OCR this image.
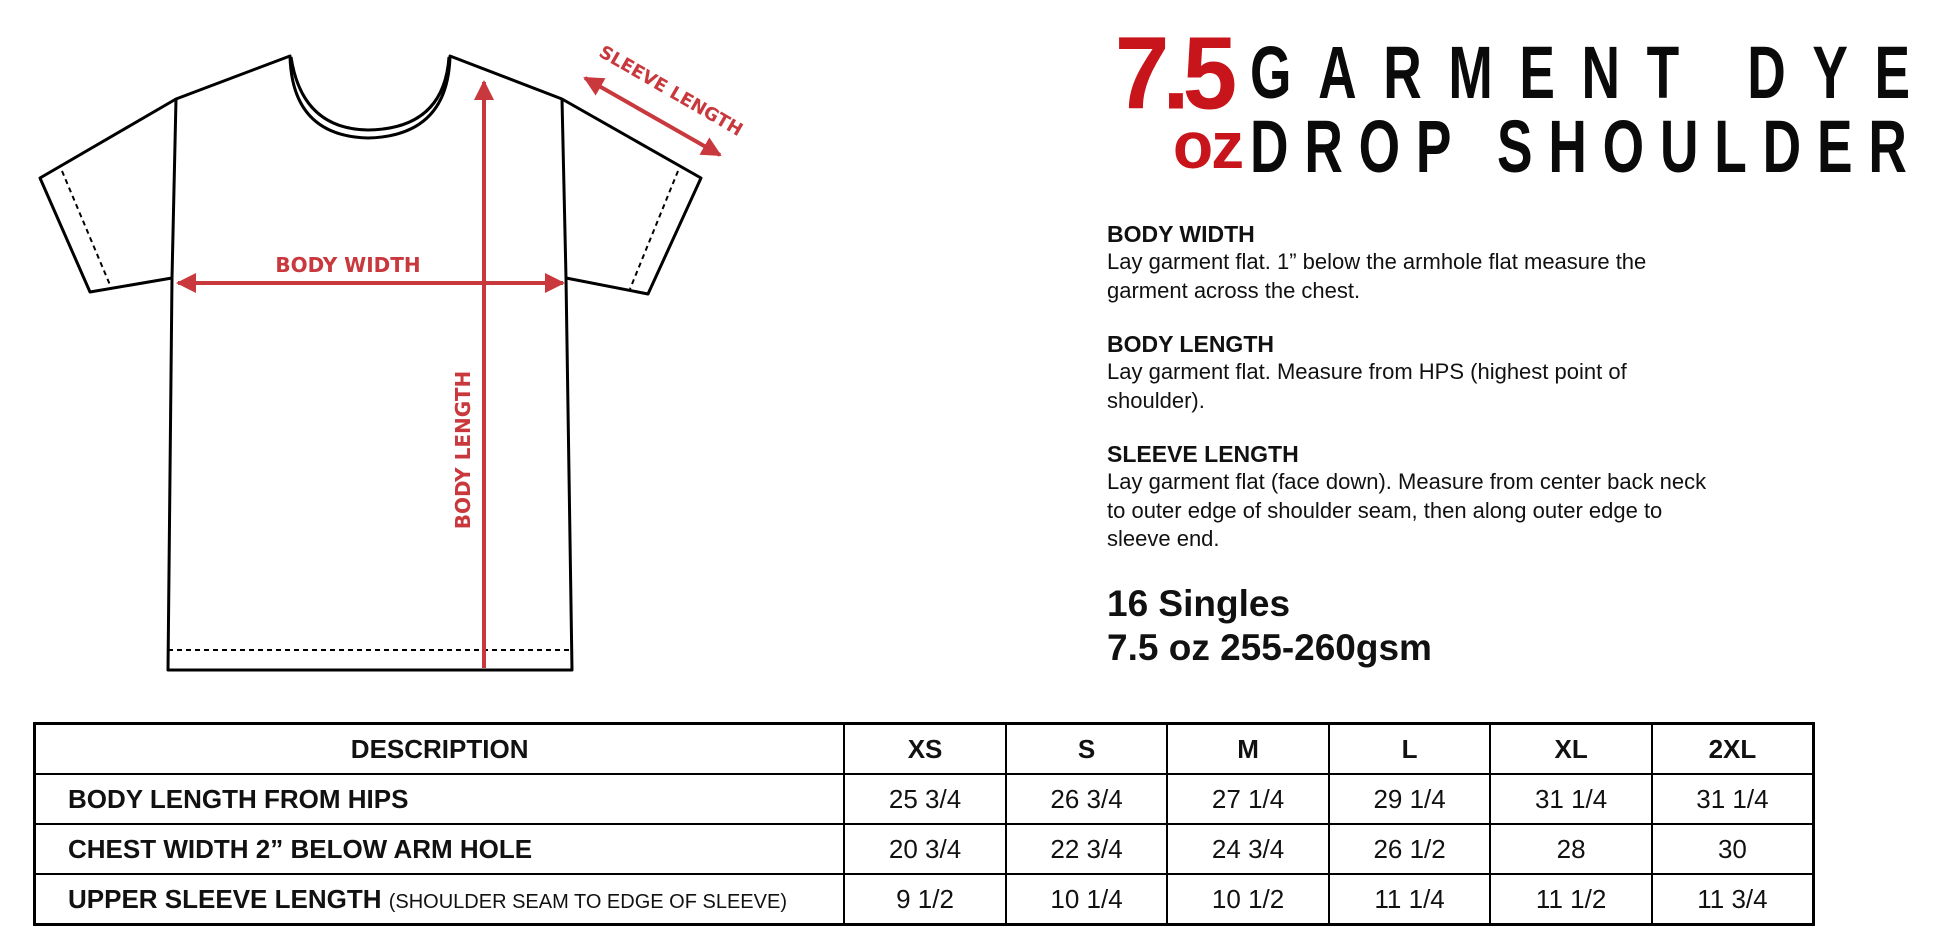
BODY WIDTH
BODY LENGTH
SLEEVE LENGTH	7.5
oz
GARMENT DYE
DROP SHOULDER

BODY WIDTH

Lay garment flat. 1” below the armhole flat measure the garment across the chest.

BODY LENGTH

Lay garment flat. Measure from HPS (highest point of shoulder).

SLEEVE LENGTH

Lay garment flat (face down). Measure from center back neck to outer edge of shoulder seam, then along outer edge to sleeve end.

16 Singles
7.5 oz 255-260gsm
DESCRIPTION	XS	S	M	L	XL	2XL
BODY LENGTH FROM HIPS	25 3/4	26 3/4	27 1/4	29 1/4	31 1/4	31 1/4
CHEST WIDTH 2” BELOW ARM HOLE	20 3/4	22 3/4	24 3/4	26 1/2	28	30
UPPER SLEEVE LENGTH (SHOULDER SEAM TO EDGE OF SLEEVE)	9 1/2	10 1/4	10 1/2	11 1/4	11 1/2	11 3/4
